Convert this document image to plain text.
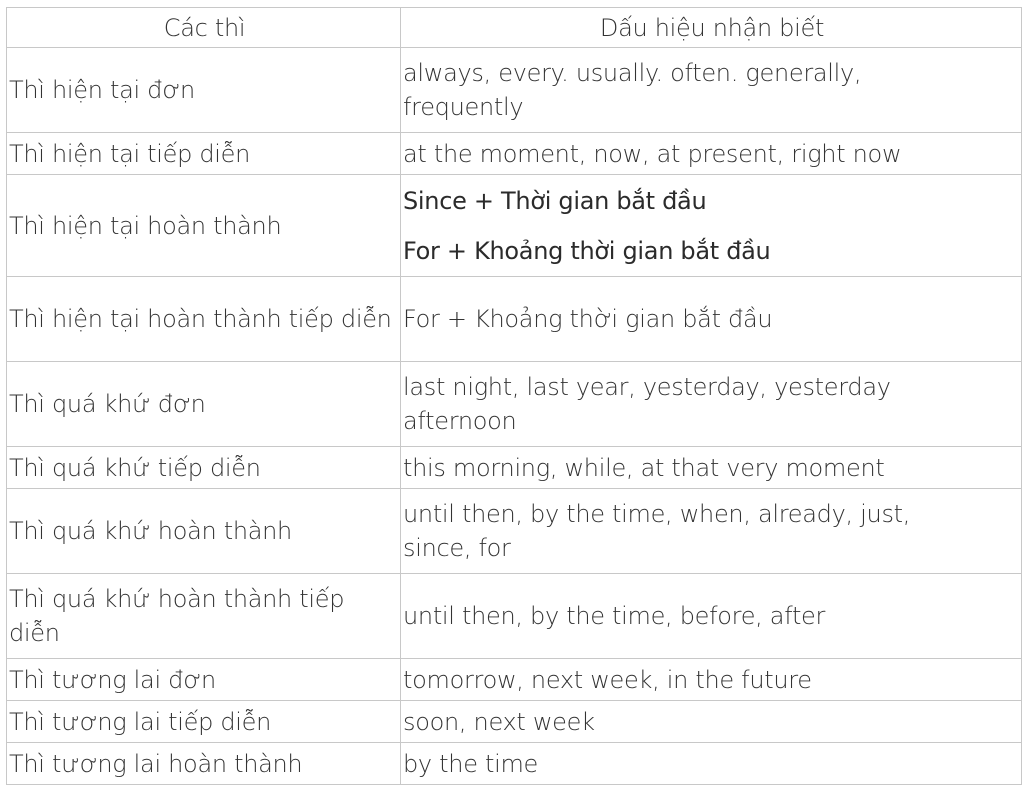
Các thì	Dấu hiệu nhận biết
Thì hiện tại đơn	always, every. usually. often. generally,
frequently
Thì hiện tại tiếp diễn	at the moment, now, at present, right now
Thì hiện tại hoàn thành	Since + Thời gian bắt đầu
For + Khoảng thời gian bắt đầu

Thì hiện tại hoàn thành tiếp diễn	For + Khoảng thời gian bắt đầu
Thì quá khứ đơn	last night, last year, yesterday, yesterday
afternoon
Thì quá khứ tiếp diễn	this morning, while, at that very moment
Thì quá khứ hoàn thành	until then, by the time, when, already, just,
since, for
Thì quá khứ hoàn thành tiếp diễn	until then, by the time, before, after
Thì tương lai đơn	tomorrow, next week, in the future
Thì tương lai tiếp diễn	soon, next week
Thì tương lai hoàn thành	by the time
